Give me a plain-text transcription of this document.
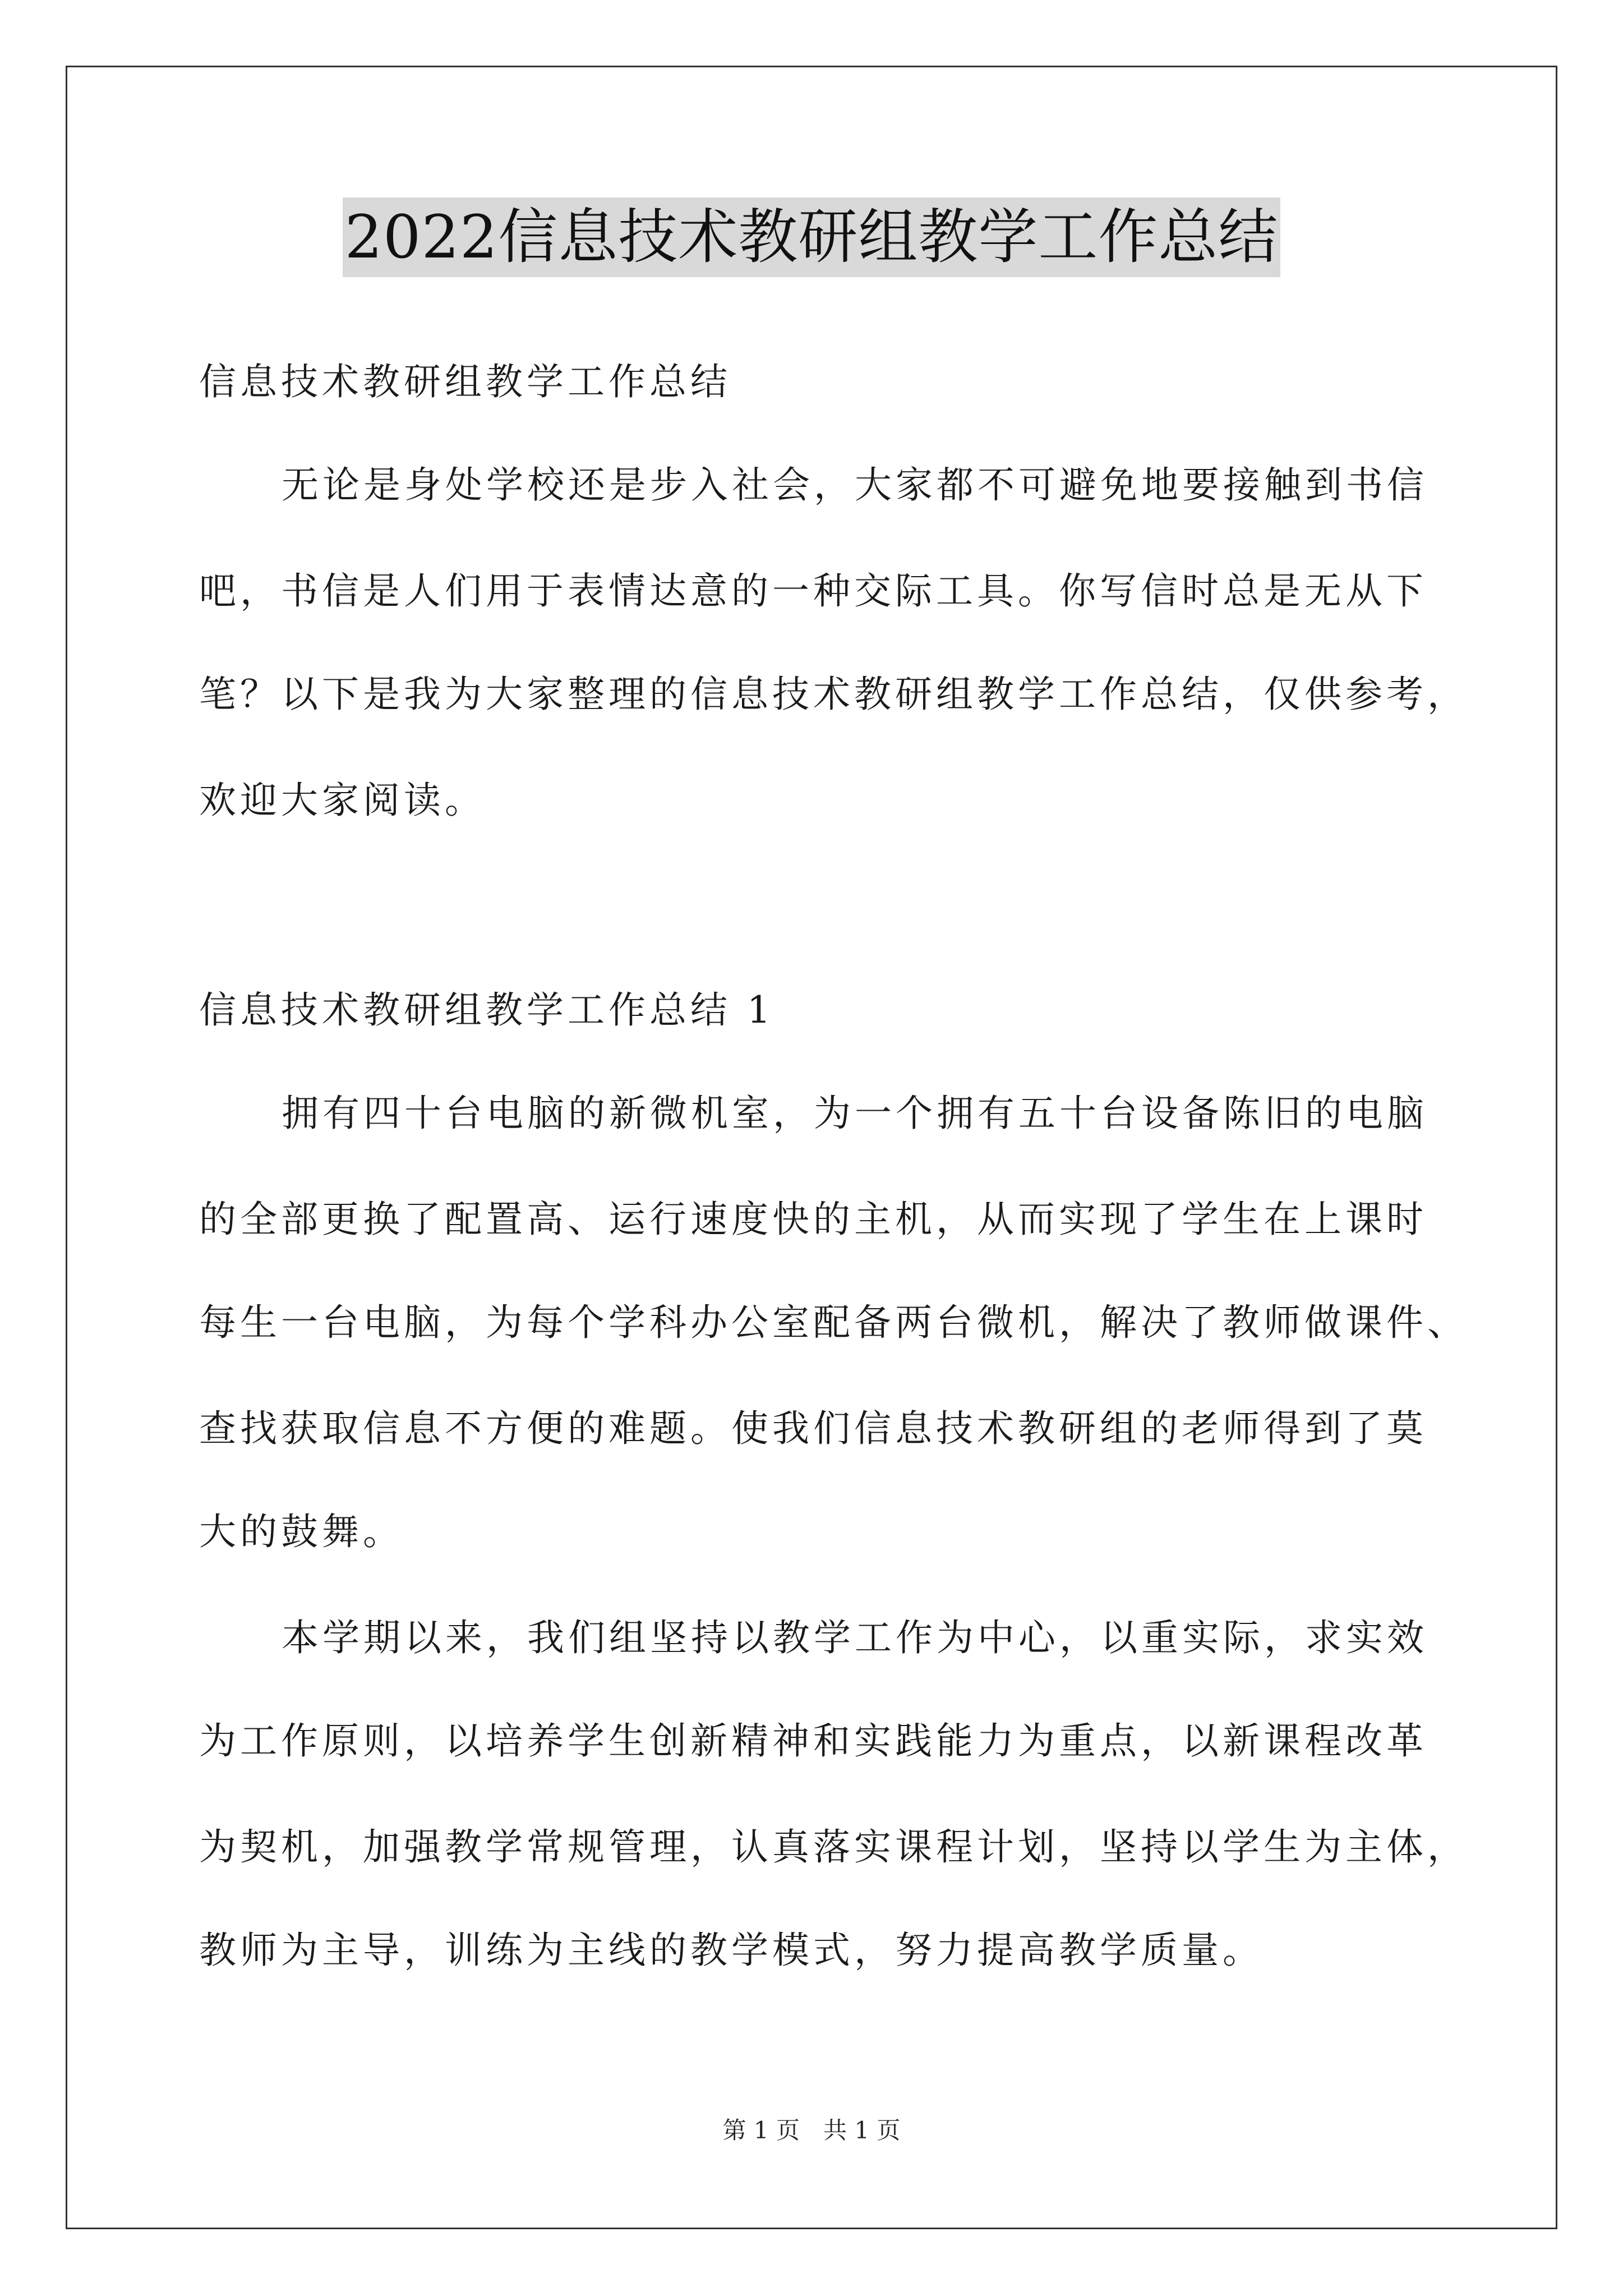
2022信息技术教研组教学工作总结
信息技术教研组教学工作总结
无论是身处学校还是步入社会，大家都不可避免地要接触到书信
吧，书信是人们用于表情达意的一种交际工具。你写信时总是无从下
笔？以下是我为大家整理的信息技术教研组教学工作总结，仅供参考，
欢迎大家阅读。
信息技术教研组教学工作总结 1
拥有四十台电脑的新微机室，为一个拥有五十台设备陈旧的电脑
的全部更换了配置高、运行速度快的主机，从而实现了学生在上课时
每生一台电脑，为每个学科办公室配备两台微机，解决了教师做课件、
查找获取信息不方便的难题。使我们信息技术教研组的老师得到了莫
大的鼓舞。
本学期以来，我们组坚持以教学工作为中心，以重实际，求实效
为工作原则，以培养学生创新精神和实践能力为重点，以新课程改革
为契机，加强教学常规管理，认真落实课程计划，坚持以学生为主体，
教师为主导，训练为主线的教学模式，努力提高教学质量。
第 1 页　共 1 页
